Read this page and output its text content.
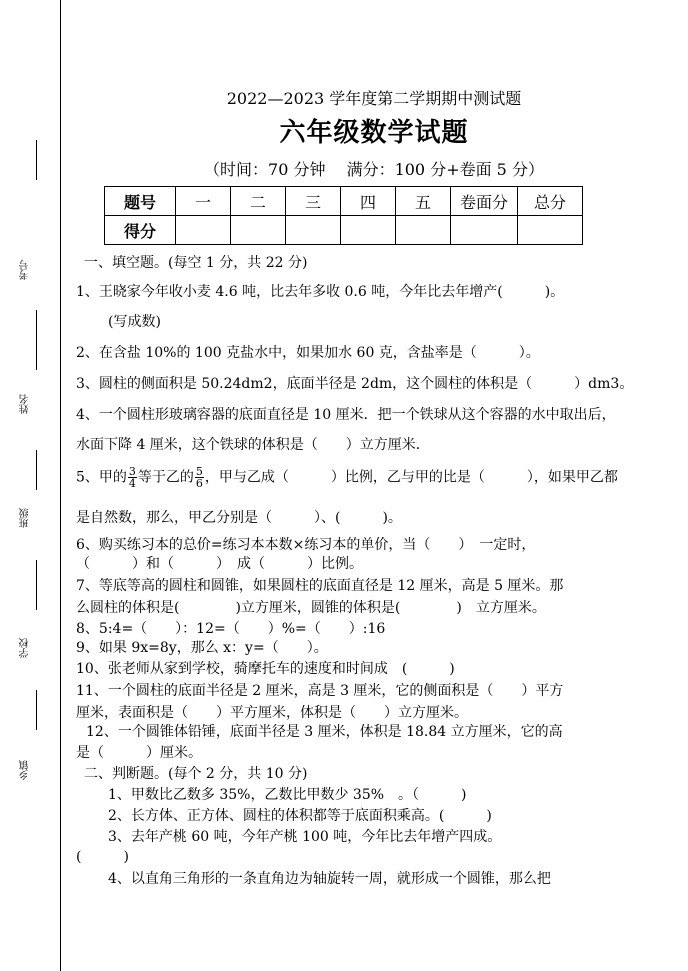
考号
姓名
班级
学校
乡镇
2022—2023 学年度第二学期期中测试题
六年级数学试题
（时间：70 分钟　 满分：100 分+卷面 5 分）
题号	一	二	三	四	五	卷面分	总分
得分							
一、填空题。(每空 1 分，共 22 分)
1、王晓家今年收小麦 4.6 吨，比去年多收 0.6 吨，今年比去年增产(　　　)。
(写成数)
2、在含盐 10%的 100 克盐水中，如果加水 60 克，含盐率是（　　　）。
3、圆柱的侧面积是 50.24dm2，底面半径是 2dm，这个圆柱的体积是（　　　）dm3。
4、一个圆柱形玻璃容器的底面直径是 10 厘米．把一个铁球从这个容器的水中取出后，
水面下降 4 厘米，这个铁球的体积是（　　）立方厘米．
5、甲的 $\frac{3}{4}$ 等于乙的 $\frac{5}{6}$ ，甲与乙成（　　　）比例，乙与甲的比是（　　　），如果甲乙都
是自然数，那么，甲乙分别是（　　　）、(　　　)。
6、购买练习本的总价=练习本本数×练习本的单价，当（　　）　一定时，
（　　　）和（　　　）　成（　　　）比例。
7、等底等高的圆柱和圆锥，如果圆柱的底面直径是 12 厘米，高是 5 厘米。那
么圆柱的体积是(　　　　)立方厘米，圆锥的体积是(　　　　)　立方厘米。
8、5:4=（　　）：12=（　　）%=（　　）:16
9、如果 9x=8y，那么 x：y=（　　）。
10、张老师从家到学校，骑摩托车的速度和时间成　(　　　)
11、一个圆柱的底面半径是 2 厘米，高是 3 厘米，它的侧面积是（　　）平方
厘米，表面积是（　　）平方厘米，体积是（　　）立方厘米。
12、一个圆锥体铅锤，底面半径是 3 厘米，体积是 18.84 立方厘米，它的高
是（　　　）厘米。
二、判断题。(每个 2 分，共 10 分)
1、甲数比乙数多 35%，乙数比甲数少 35%　。（　　　)
2、长方体、正方体、圆柱的体积都等于底面积乘高。(　　　)
3、去年产桃 60 吨，今年产桃 100 吨，今年比去年增产四成。
(　　　)
4、以直角三角形的一条直角边为轴旋转一周，就形成一个圆锥，那么把
